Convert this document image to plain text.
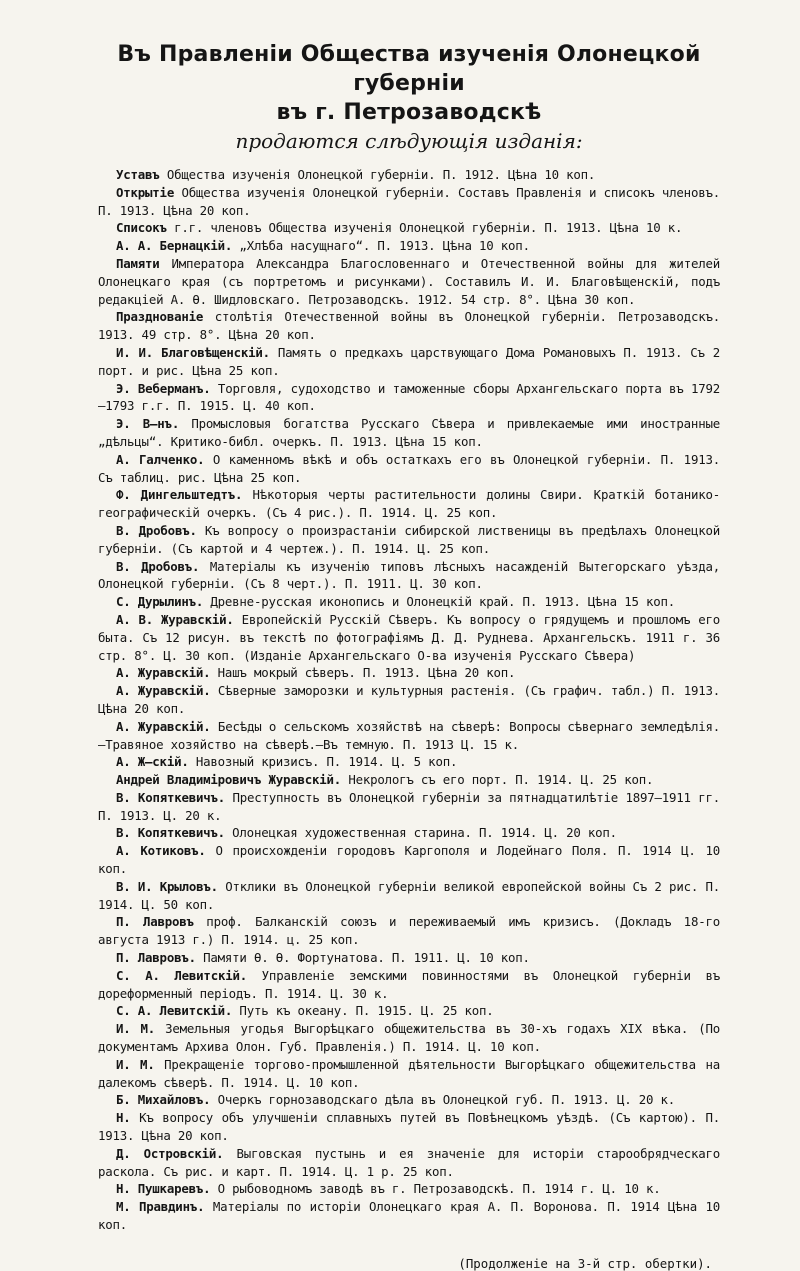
Въ Правленіи Общества изученія Олонецкой губерніи
въ г. Петрозаводскѣ

продаются слѣдующія изданія:

Уставъ Общества изученія Олонецкой губерніи. П. 1912. Цѣна 10 коп.

Открытіе Общества изученія Олонецкой губерніи. Составъ Правленія и списокъ членовъ. П. 1913. Цѣна 20 коп.

Списокъ г.г. членовъ Общества изученія Олонецкой губерніи. П. 1913. Цѣна 10 к.

А. А. Бернацкій. „Хлѣба насущнаго“. П. 1913. Цѣна 10 коп.

Памяти Императора Александра Благословеннаго и Отечественной войны для жителей Олонецкаго края (съ портретомъ и рисунками). Составилъ И. И. Благовѣщенскій, подъ редакціей А. Ѳ. Шидловскаго. Петрозаводскъ. 1912. 54 стр. 8°. Цѣна 30 коп.

Празднованіе столѣтія Отечественной войны въ Олонецкой губерніи. Петрозаводскъ. 1913. 49 стр. 8°. Цѣна 20 коп.

И. И. Благовѣщенскій. Память о предкахъ царствующаго Дома Романовыхъ П. 1913. Съ 2 порт. и рис. Цѣна 25 коп.

Э. Веберманъ. Торговля, судоходство и таможенные сборы Архангельскаго порта въ 1792—1793 г.г. П. 1915. Ц. 40 коп.

Э. В—нъ. Промысловыя богатства Русскаго Сѣвера и привлекаемые ими иностранные „дѣльцы“. Критико-библ. очеркъ. П. 1913. Цѣна 15 коп.

А. Галченко. О каменномъ вѣкѣ и объ остаткахъ его въ Олонецкой губерніи. П. 1913. Съ таблиц. рис. Цѣна 25 коп.

Ф. Дингельштедтъ. Нѣкоторыя черты растительности долины Свири. Краткій ботанико-географическій очеркъ. (Съ 4 рис.). П. 1914. Ц. 25 коп.

В. Дробовъ. Къ вопросу о произрастаніи сибирской лиственицы въ предѣлахъ Олонецкой губерніи. (Съ картой и 4 чертеж.). П. 1914. Ц. 25 коп.

В. Дробовъ. Матеріалы къ изученію типовъ лѣсныхъ насажденій Вытегорскаго уѣзда, Олонецкой губерніи. (Съ 8 черт.). П. 1911. Ц. 30 коп.

С. Дурылинъ. Древне-русская иконопись и Олонецкій край. П. 1913. Цѣна 15 коп.

А. В. Журавскій. Европейскій Русскій Сѣверъ. Къ вопросу о грядущемъ и прошломъ его быта. Съ 12 рисун. въ текстѣ по фотографіямъ Д. Д. Руднева. Архангельскъ. 1911 г. 36 стр. 8°. Ц. 30 коп. (Изданіе Архангельскаго О-ва изученія Русскаго Сѣвера)

А. Журавскій. Нашъ мокрый сѣверъ. П. 1913. Цѣна 20 коп.

А. Журавскій. Сѣверные заморозки и культурныя растенія. (Съ графич. табл.) П. 1913. Цѣна 20 коп.

А. Журавскій. Бесѣды о сельскомъ хозяйствѣ на сѣверѣ: Вопросы сѣвернаго земледѣлія.—Травяное хозяйство на сѣверѣ.—Въ темную. П. 1913 Ц. 15 к.

А. Ж—скій. Навозный кризисъ. П. 1914. Ц. 5 коп.

Андрей Владиміровичъ Журавскій. Некрологъ съ его порт. П. 1914. Ц. 25 коп.

В. Копяткевичъ. Преступность въ Олонецкой губерніи за пятнадцатилѣтіе 1897—1911 гг. П. 1913. Ц. 20 к.

В. Копяткевичъ. Олонецкая художественная старина. П. 1914. Ц. 20 коп.

А. Котиковъ. О происхожденіи городовъ Каргополя и Лодейнаго Поля. П. 1914 Ц. 10 коп.

В. И. Крыловъ. Отклики въ Олонецкой губерніи великой европейской войны Съ 2 рис. П. 1914. Ц. 50 коп.

П. Лавровъ проф. Балканскій союзъ и переживаемый имъ кризисъ. (Докладъ 18-го августа 1913 г.) П. 1914. ц. 25 коп.

П. Лавровъ. Памяти Ѳ. Ѳ. Фортунатова. П. 1911. Ц. 10 коп.

С. А. Левитскій. Управленіе земскими повинностями въ Олонецкой губерніи въ дореформенный періодъ. П. 1914. Ц. 30 к.

С. А. Левитскій. Путь къ океану. П. 1915. Ц. 25 коп.

И. М. Земельныя угодья Выгорѣцкаго общежительства въ 30-хъ годахъ XIX вѣка. (По документамъ Архива Олон. Губ. Правленія.) П. 1914. Ц. 10 коп.

И. М. Прекращеніе торгово-промышленной дѣятельности Выгорѣцкаго общежительства на далекомъ сѣверѣ. П. 1914. Ц. 10 коп.

Б. Михайловъ. Очеркъ горнозаводскаго дѣла въ Олонецкой губ. П. 1913. Ц. 20 к.

Н. Къ вопросу объ улучшеніи сплавныхъ путей въ Повѣнецкомъ уѣздѣ. (Съ картою). П. 1913. Цѣна 20 коп.

Д. Островскій. Выговская пустынь и ея значеніе для исторіи старообрядческаго раскола. Съ рис. и карт. П. 1914. Ц. 1 р. 25 коп.

Н. Пушкаревъ. О рыбоводномъ заводѣ въ г. Петрозаводскѣ. П. 1914 г. Ц. 10 к.

М. Правдинъ. Матеріалы по исторіи Олонецкаго края А. П. Воронова. П. 1914 Цѣна 10 коп.

(Продолженіе на 3-й стр. обертки).
